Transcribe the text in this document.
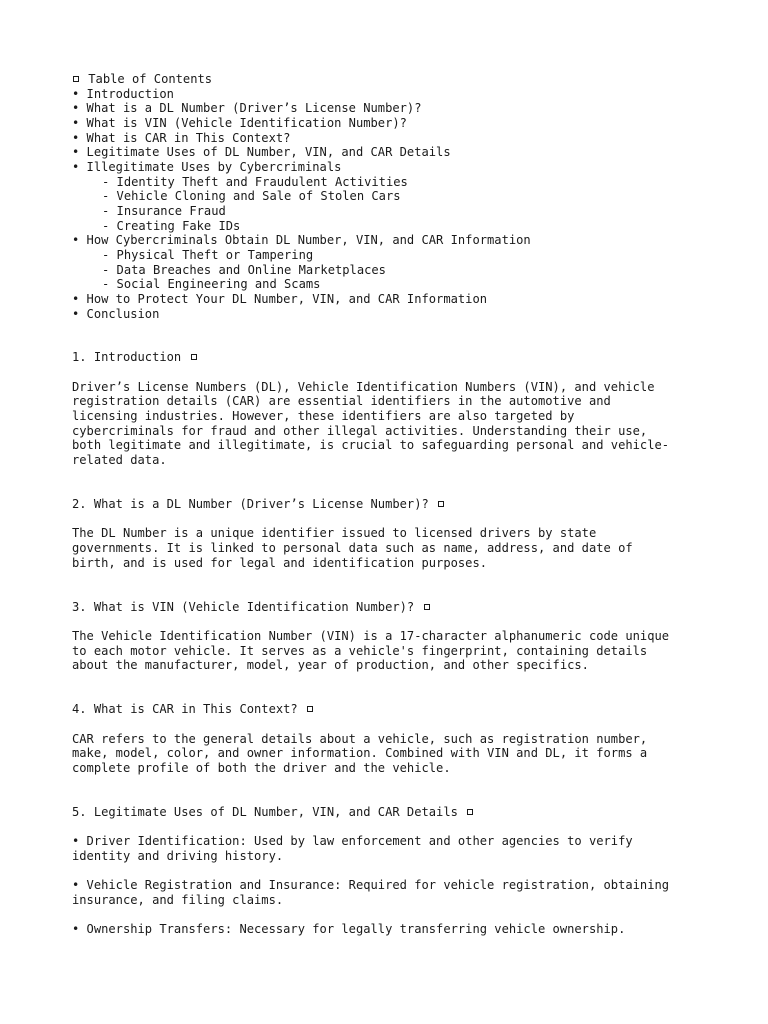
Table of Contents
• Introduction
• What is a DL Number (Driver’s License Number)?
• What is VIN (Vehicle Identification Number)?
• What is CAR in This Context?
• Legitimate Uses of DL Number, VIN, and CAR Details
• Illegitimate Uses by Cybercriminals
- Identity Theft and Fraudulent Activities
- Vehicle Cloning and Sale of Stolen Cars
- Insurance Fraud
- Creating Fake IDs
• How Cybercriminals Obtain DL Number, VIN, and CAR Information
- Physical Theft or Tampering
- Data Breaches and Online Marketplaces
- Social Engineering and Scams
• How to Protect Your DL Number, VIN, and CAR Information
• Conclusion
1. Introduction
Driver’s License Numbers (DL), Vehicle Identification Numbers (VIN), and vehicle
registration details (CAR) are essential identifiers in the automotive and
licensing industries. However, these identifiers are also targeted by
cybercriminals for fraud and other illegal activities. Understanding their use,
both legitimate and illegitimate, is crucial to safeguarding personal and vehicle-
related data.
2. What is a DL Number (Driver’s License Number)?
The DL Number is a unique identifier issued to licensed drivers by state
governments. It is linked to personal data such as name, address, and date of
birth, and is used for legal and identification purposes.
3. What is VIN (Vehicle Identification Number)?
The Vehicle Identification Number (VIN) is a 17-character alphanumeric code unique
to each motor vehicle. It serves as a vehicle's fingerprint, containing details
about the manufacturer, model, year of production, and other specifics.
4. What is CAR in This Context?
CAR refers to the general details about a vehicle, such as registration number,
make, model, color, and owner information. Combined with VIN and DL, it forms a
complete profile of both the driver and the vehicle.
5. Legitimate Uses of DL Number, VIN, and CAR Details
• Driver Identification: Used by law enforcement and other agencies to verify
identity and driving history.
• Vehicle Registration and Insurance: Required for vehicle registration, obtaining
insurance, and filing claims.
• Ownership Transfers: Necessary for legally transferring vehicle ownership.
